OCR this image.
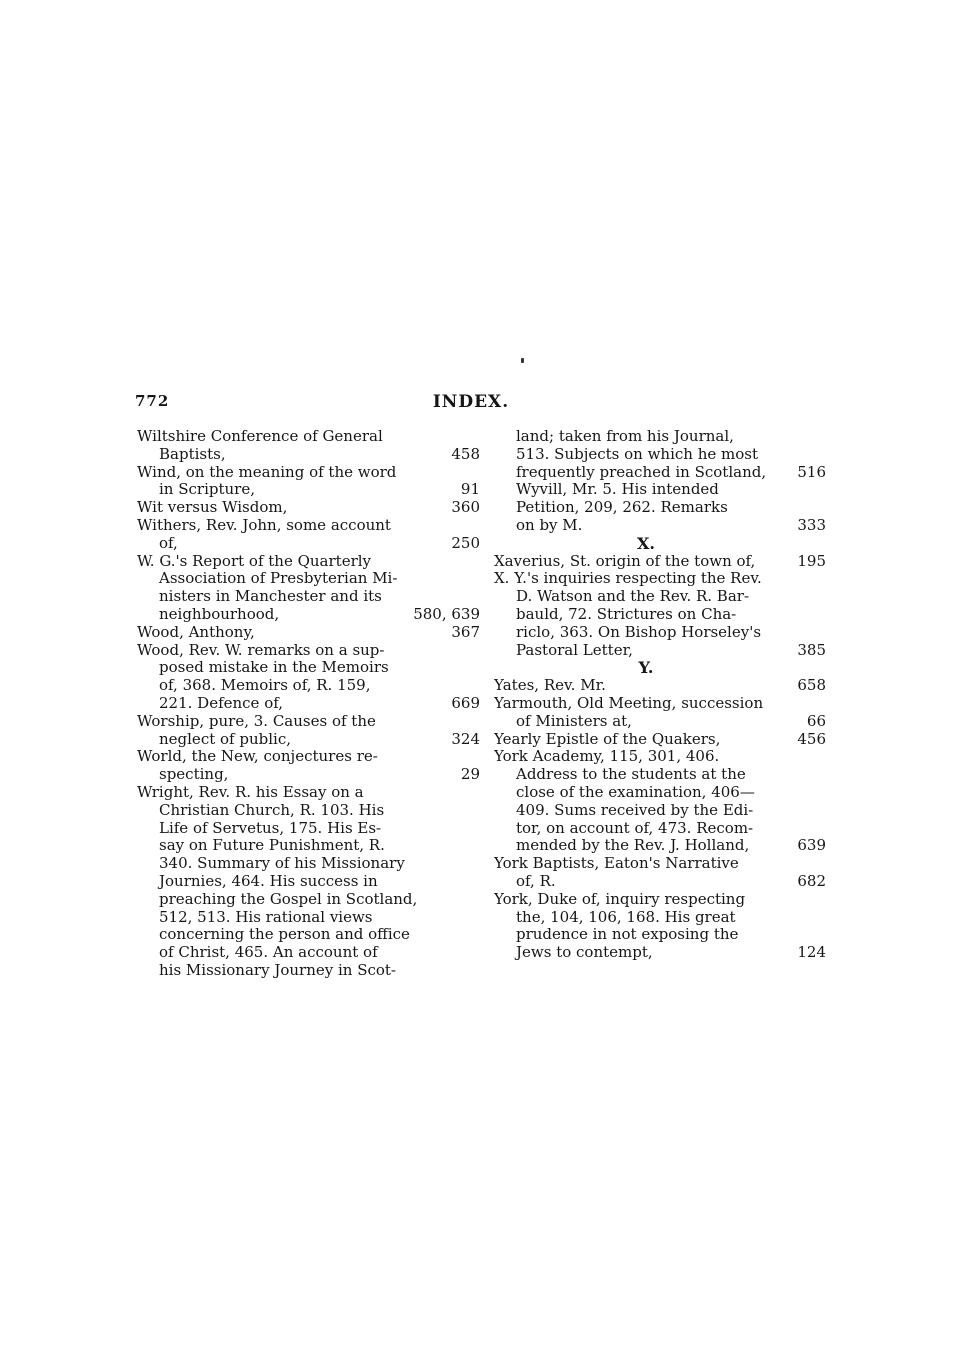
772	INDEX.
Wiltshire Conference of General
Baptists,	458
Wind, on the meaning of the word
in Scripture,	91
Wit versus Wisdom,	360
Withers, Rev. John, some account
of,	250
W. G.'s Report of the Quarterly
Association of Presbyterian Mi-
nisters in Manchester and its
neighbourhood,	580, 639
Wood, Anthony,	367
Wood, Rev. W. remarks on a sup-
posed mistake in the Memoirs
of, 368. Memoirs of, R. 159,
221. Defence of,	669
Worship, pure, 3. Causes of the
neglect of public,	324
World, the New, conjectures re-
specting,	29
Wright, Rev. R. his Essay on a
Christian Church, R. 103. His
Life of Servetus, 175. His Es-
say on Future Punishment, R.
340. Summary of his Missionary
Journies, 464. His success in
preaching the Gospel in Scotland,
512, 513. His rational views
concerning the person and office
of Christ, 465. An account of
his Missionary Journey in Scot-
land; taken from his Journal,
513. Subjects on which he most
frequently preached in Scotland,	516
Wyvill, Mr. 5. His intended
Petition, 209, 262. Remarks
on by M.	333
X.
Xaverius, St. origin of the town of,	195
X. Y.'s inquiries respecting the Rev.
D. Watson and the Rev. R. Bar-
bauld, 72. Strictures on Cha-
riclo, 363. On Bishop Horseley's
Pastoral Letter,	385
Y.
Yates, Rev. Mr.	658
Yarmouth, Old Meeting, succession
of Ministers at,	66
Yearly Epistle of the Quakers,	456
York Academy, 115, 301, 406.
Address to the students at the
close of the examination, 406—
409. Sums received by the Edi-
tor, on account of, 473. Recom-
mended by the Rev. J. Holland,	639
York Baptists, Eaton's Narrative
of, R.	682
York, Duke of, inquiry respecting
the, 104, 106, 168. His great
prudence in not exposing the
Jews to contempt,	124
